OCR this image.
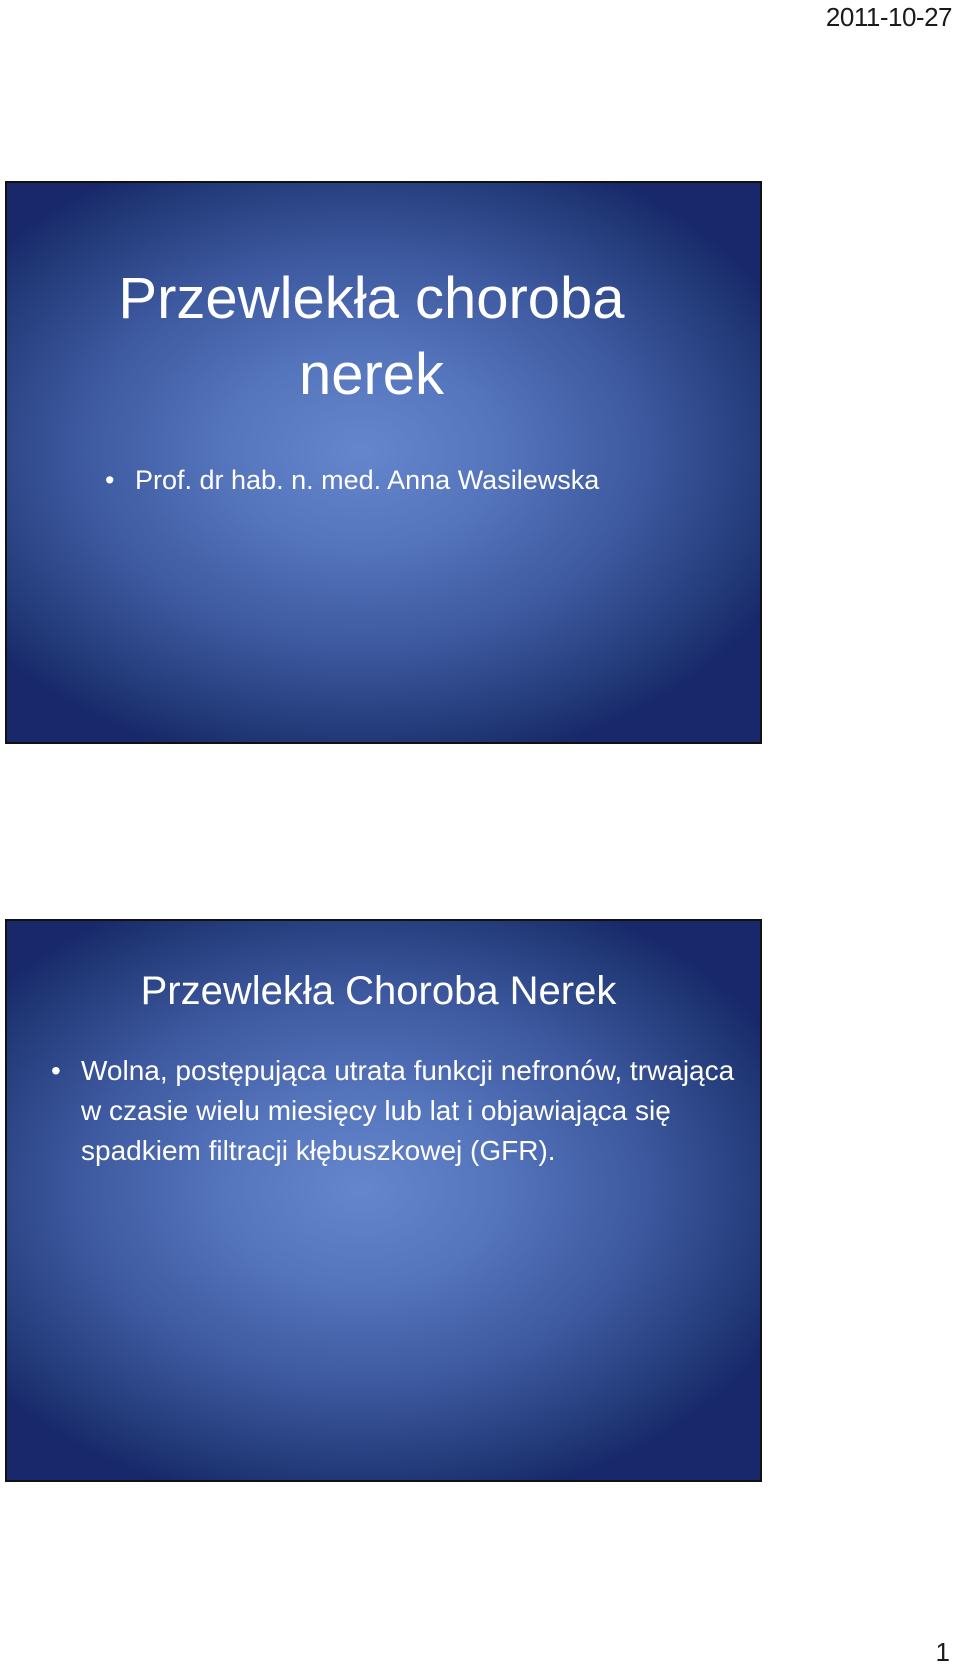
2011-10-27
Przewlekła choroba
nerek
• Prof. dr hab. n. med. Anna Wasilewska
Przewlekła Choroba Nerek
• Wolna, postępująca utrata funkcji nefronów, trwająca w czasie wielu miesięcy lub lat i objawiająca się spadkiem filtracji kłębuszkowej (GFR).
1
